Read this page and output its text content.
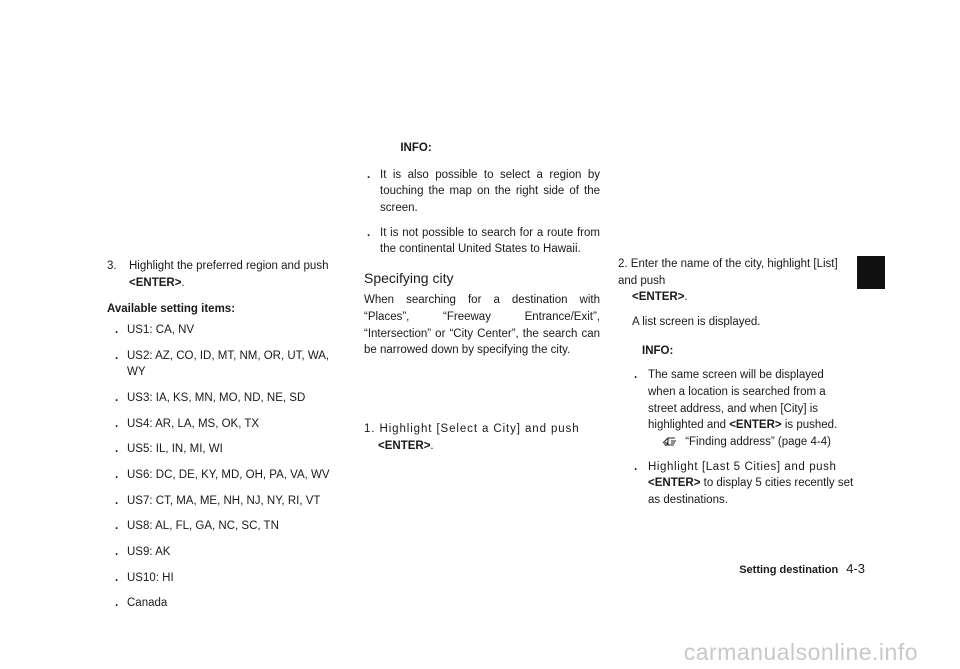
3. Highlight the preferred region and push
<ENTER>.
Available setting items:
. US1: CA, NV
. US2: AZ, CO, ID, MT, NM, OR, UT, WA, WY
. US3: IA, KS, MN, MO, ND, NE, SD
. US4: AR, LA, MS, OK, TX
. US5: IL, IN, MI, WI
. US6: DC, DE, KY, MD, OH, PA, VA, WV
. US7: CT, MA, ME, NH, NJ, NY, RI, VT
. US8: AL, FL, GA, NC, SC, TN
. US9: AK
. US10: HI
. Canada
INFO:
. It is also possible to select a region by touching the map on the right side of the screen.
. It is not possible to search for a route from the continental United States to Hawaii.
Specifying city

When searching for a destination with “Places”, “Freeway Entrance/Exit”, “Intersection” or “City Center”, the search can be narrowed down by specifying the city.

1. Highlight [Select a City] and push
<ENTER>.
2. Enter the name of the city, highlight [List] and push
<ENTER>.
A list screen is displayed.
INFO:
. The same screen will be displayed when a location is searched from a street address, and when [City] is highlighted and <ENTER> is pushed.
“Finding address” (page 4-4)
. Highlight [Last 5 Cities] and push
<ENTER> to display 5 cities recently set as destinations.
Setting destination 4-3
carmanualsonline.info
